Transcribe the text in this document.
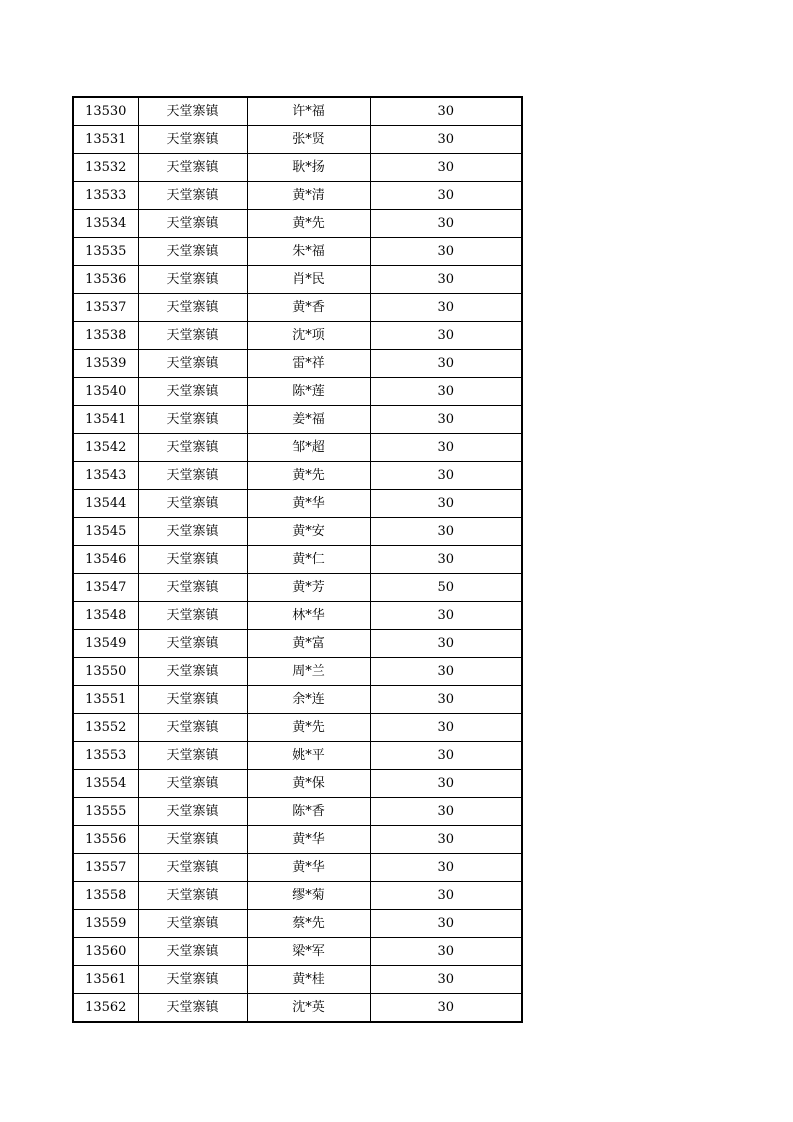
13530	天堂寨镇	许*福	30
13531	天堂寨镇	张*贤	30
13532	天堂寨镇	耿*扬	30
13533	天堂寨镇	黄*清	30
13534	天堂寨镇	黄*先	30
13535	天堂寨镇	朱*福	30
13536	天堂寨镇	肖*民	30
13537	天堂寨镇	黄*香	30
13538	天堂寨镇	沈*项	30
13539	天堂寨镇	雷*祥	30
13540	天堂寨镇	陈*莲	30
13541	天堂寨镇	姜*福	30
13542	天堂寨镇	邹*超	30
13543	天堂寨镇	黄*先	30
13544	天堂寨镇	黄*华	30
13545	天堂寨镇	黄*安	30
13546	天堂寨镇	黄*仁	30
13547	天堂寨镇	黄*芳	50
13548	天堂寨镇	林*华	30
13549	天堂寨镇	黄*富	30
13550	天堂寨镇	周*兰	30
13551	天堂寨镇	余*连	30
13552	天堂寨镇	黄*先	30
13553	天堂寨镇	姚*平	30
13554	天堂寨镇	黄*保	30
13555	天堂寨镇	陈*香	30
13556	天堂寨镇	黄*华	30
13557	天堂寨镇	黄*华	30
13558	天堂寨镇	缪*菊	30
13559	天堂寨镇	蔡*先	30
13560	天堂寨镇	梁*军	30
13561	天堂寨镇	黄*桂	30
13562	天堂寨镇	沈*英	30
